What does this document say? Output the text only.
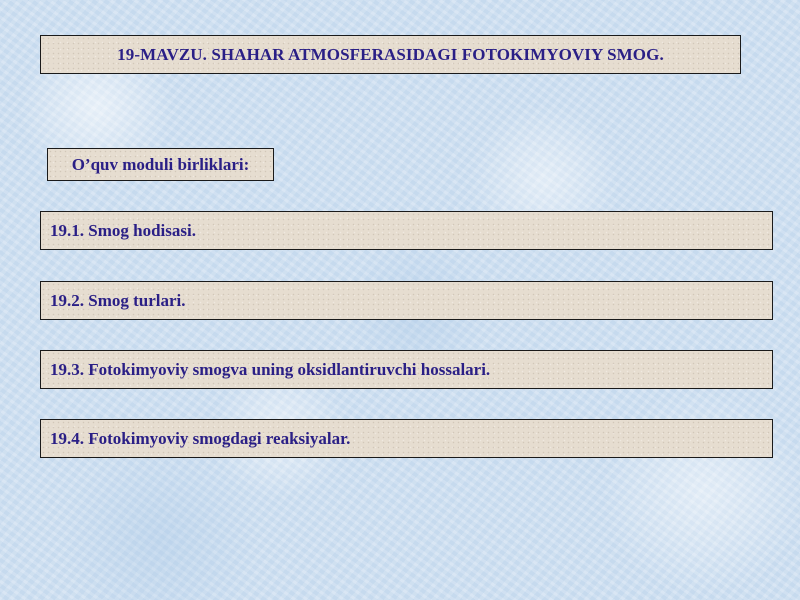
19-MAVZU. SHAHAR ATMOSFERASIDAGI FOTOKIMYOVIY SMOG.
O’quv moduli birliklari:
19.1. Smog hodisasi.
19.2. Smog turlari.
19.3. Fotokimyoviy smogva uning oksidlantiruvchi hossalari.
19.4. Fotokimyoviy smogdagi reaksiyalar.
